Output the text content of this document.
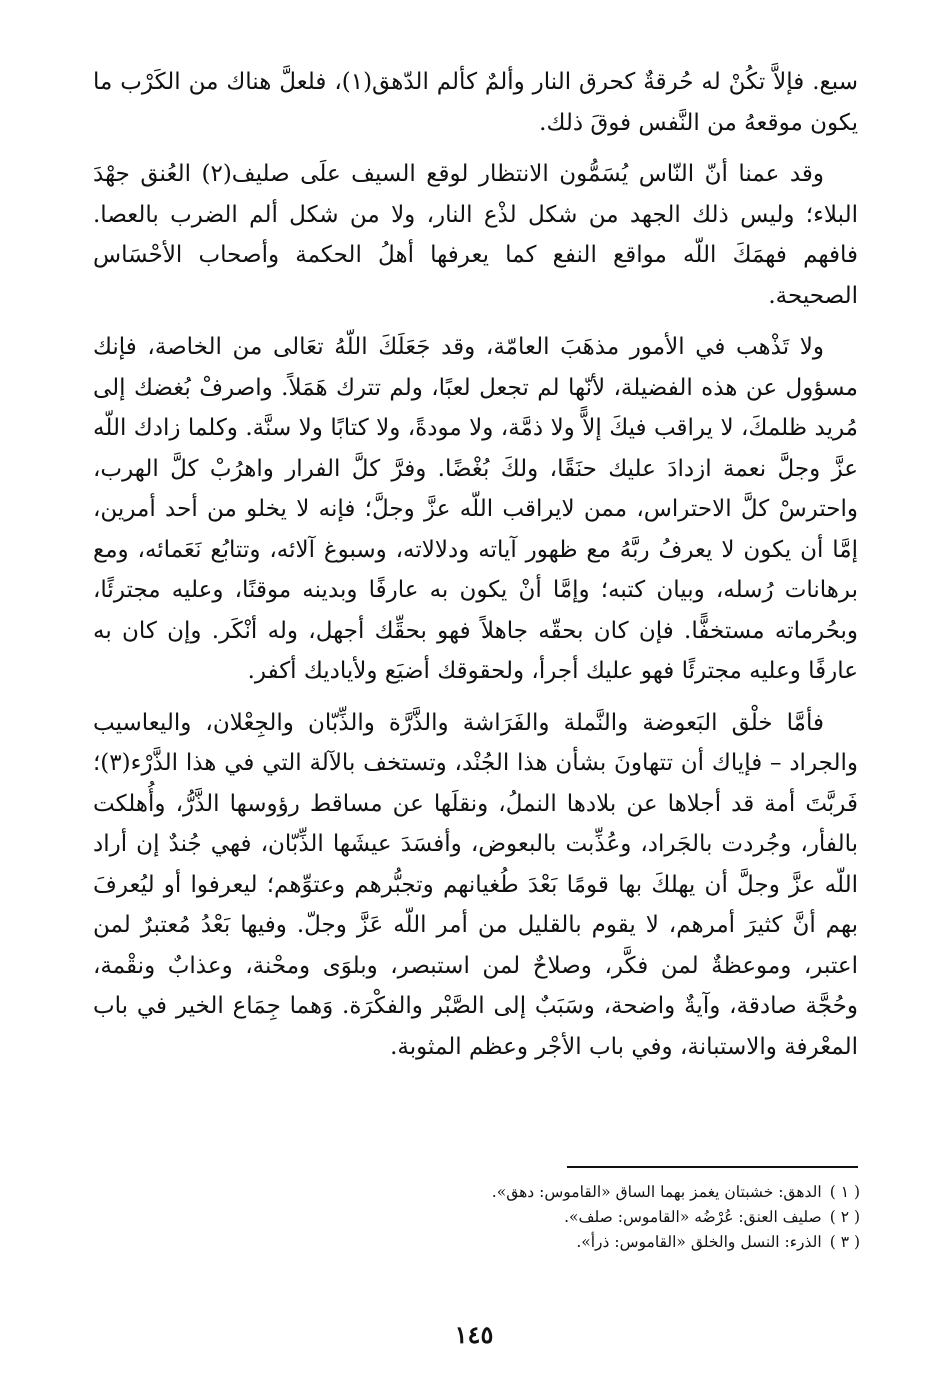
سبع. فإلاَّ تكُنْ له حُرقةٌ كحرق النار وألمٌ كألم الدّهق(١)، فلعلَّ هناك من الكَرْب ما يكون موقعهُ من النَّفس فوقَ ذلك.

وقد عمنا أنّ النّاس يُسَمُّون الانتظار لوقع السيف علَى صليف(٢) العُنق جهْدَ البلاء؛ وليس ذلك الجهد من شكل لذْع النار، ولا من شكل ألم الضرب بالعصا. فافهم فهمَكَ اللّه مواقع النفع كما يعرفها أهلُ الحكمة وأصحاب الأحْسَاس الصحيحة.

ولا تَذْهب في الأمور مذهَبَ العامّة، وقد جَعَلَكَ اللّهُ تعَالى من الخاصة، فإنك مسؤول عن هذه الفضيلة، لأنّها لم تجعل لعبًا، ولم تترك هَمَلاً. واصرفْ بُغضك إلى مُريد ظلمكَ، لا يراقب فيكَ إلاًّ ولا ذمَّة، ولا مودةً، ولا كتابًا ولا سنَّة. وكلما زادك اللّه عزَّ وجلَّ نعمة ازدادَ عليك حنَقًا، ولكَ بُغْضًا. وفرَّ كلَّ الفرار واهرُبْ كلَّ الهرب، واحترسْ كلَّ الاحتراس، ممن لايراقب اللّه عزَّ وجلَّ؛ فإنه لا يخلو من أحد أمرين، إمَّا أن يكون لا يعرفُ ربَّهُ مع ظهور آياته ودلالاته، وسبوغ آلائه، وتتابُع نَعَمائه، ومع برهانات رُسله، وبيان كتبه؛ وإمَّا أنْ يكون به عارفًا وبدينه موقنًا، وعليه مجترئًا، وبحُرماته مستخفًّا. فإن كان بحقّه جاهلاً فهو بحقِّك أجهل، وله أنْكَر. وإن كان به عارفًا وعليه مجترئًا فهو عليك أجرأ، ولحقوقك أضيَع ولأياديك أكفر.

فأمَّا خلْق البَعوضة والنَّملة والفَرَاشة والذَّرَّة والذِّبّان والجِعْلان، واليعاسيب والجراد – فإياك أن تتهاونَ بشأن هذا الجُنْد، وتستخف بالآلة التي في هذا الذَّرْء(٣)؛ فَربَّتَ أمة قد أجلاها عن بلادها النملُ، ونقلَها عن مساقط رؤوسها الذَّرُّ، وأُهلكت بالفأر، وجُردت بالجَراد، وعُذِّبت بالبعوض، وأفسَدَ عيشَها الذِّبّان، فهي جُندٌ إن أراد اللّه عزَّ وجلَّ أن يهلكَ بها قومًا بَعْدَ طُغيانهم وتجبُّرهم وعتوِّهم؛ ليعرفوا أو ليُعرفَ بهم أنَّ كثيرَ أمرهم، لا يقوم بالقليل من أمر اللّه عَزَّ وجلّ. وفيها بَعْدُ مُعتبرٌ لمن اعتبر، وموعظةٌ لمن فكَّر، وصلاحٌ لمن استبصر، وبلوَى ومحْنة، وعذابٌ ونقْمة، وحُجَّة صادقة، وآيةٌ واضحة، وسَبَبٌ إلى الصَّبْر والفكْرَة. وَهما جِمَاع الخير في باب المعْرفة والاستبانة، وفي باب الأجْر وعظم المثوبة.

( ١ )الدهق: خشبتان يغمز بهما الساق «القاموس: دهق».

( ٢ )صليف العنق: عُرْضُه «القاموس: صلف».

( ٣ )الذرء: النسل والخلق «القاموس: ذرأ».

١٤٥
